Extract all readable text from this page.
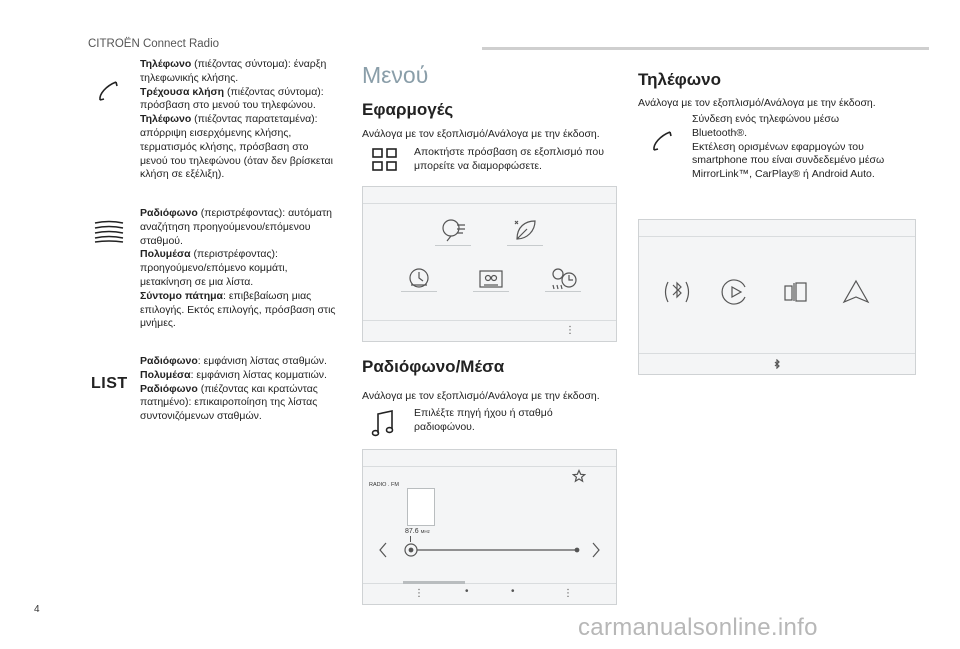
CITROËN Connect Radio
Τηλέφωνο (πιέζοντας σύντομα): έναρξη
τηλεφωνικής κλήσης.
Τρέχουσα κλήση (πιέζοντας σύντομα):
πρόσβαση στο μενού του τηλεφώνου.
Τηλέφωνο (πιέζοντας παρατεταμένα):
απόρριψη εισερχόμενης κλήσης,
τερματισμός κλήσης, πρόσβαση στο
μενού του τηλεφώνου (όταν δεν βρίσκεται
κλήση σε εξέλιξη).
Ραδιόφωνο (περιστρέφοντας): αυτόματη
αναζήτηση προηγούμενου/επόμενου
σταθμού.
Πολυμέσα (περιστρέφοντας):
προηγούμενο/επόμενο κομμάτι,
μετακίνηση σε μια λίστα.
Σύντομο πάτημα: επιβεβαίωση μιας
επιλογής. Εκτός επιλογής, πρόσβαση στις
μνήμες.
LIST
Ραδιόφωνο: εμφάνιση λίστας σταθμών.
Πολυμέσα: εμφάνιση λίστας κομματιών.
Ραδιόφωνο (πιέζοντας και κρατώντας
πατημένο): επικαιροποίηση της λίστας
συντονιζόμενων σταθμών.
Μενού
Εφαρμογές
Ανάλογα με τον εξοπλισμό/Ανάλογα με την έκδοση.
Αποκτήστε πρόσβαση σε εξοπλισμό που
μπορείτε να διαμορφώσετε.
⋮
Ραδιόφωνο/Μέσα
Ανάλογα με τον εξοπλισμό/Ανάλογα με την έκδοση.
Επιλέξτε πηγή ήχου ή σταθμό
ραδιοφώνου.
RADIO . FM
87.6 MHz
⋮	•	•	⋮
Τηλέφωνο
Ανάλογα με τον εξοπλισμό/Ανάλογα με την έκδοση.
Σύνδεση ενός τηλεφώνου μέσω
Bluetooth®.
Εκτέλεση ορισμένων εφαρμογών του
smartphone που είναι συνδεδεμένο μέσω
MirrorLink™, CarPlay® ή Android Auto.
4
carmanualsonline.info
